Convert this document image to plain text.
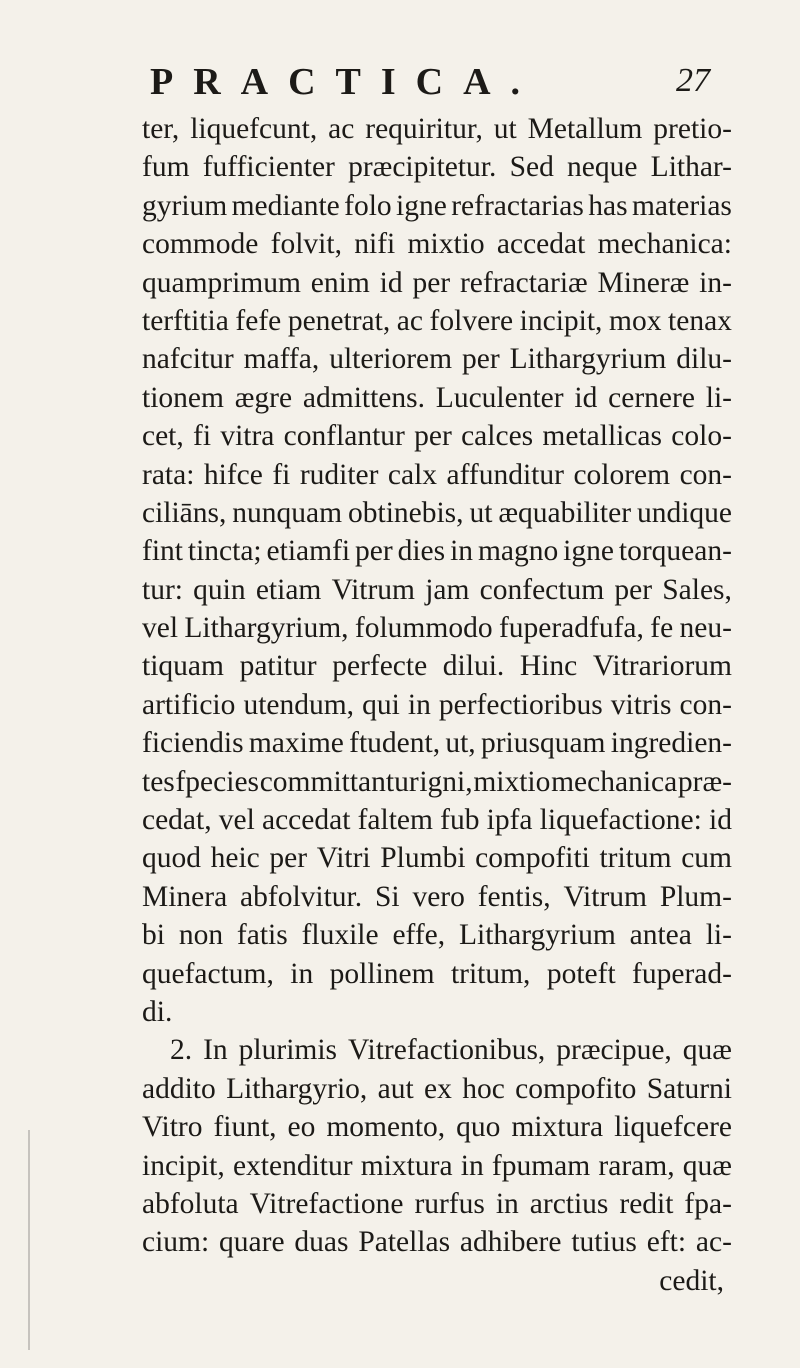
PRACTICA.	27
ter, liquefcunt, ac requiritur, ut Metallum pretio-
fum fufficienter præcipitetur. Sed neque Lithar-
gyrium mediante folo igne refractarias has materias
commode folvit, nifi mixtio accedat mechanica:
quamprimum enim id per refractariæ Mineræ in-
terftitia fefe penetrat, ac folvere incipit, mox tenax
nafcitur maffa, ulteriorem per Lithargyrium dilu-
tionem ægre admittens. Luculenter id cernere li-
cet, fi vitra conflantur per calces metallicas colo-
rata: hifce fi ruditer calx affunditur colorem con-
ciliāns, nunquam obtinebis, ut æquabiliter undique
fint tincta; etiamfi per dies in magno igne torquean-
tur: quin etiam Vitrum jam confectum per Sales,
vel Lithargyrium, folummodo fuperadfufa, fe neu-
tiquam patitur perfecte dilui. Hinc Vitrariorum
artificio utendum, qui in perfectioribus vitris con-
ficiendis maxime ftudent, ut, priusquam ingredien-
tes fpecies committantur igni, mixtio mechanica præ-
cedat, vel accedat faltem fub ipfa liquefactione: id
quod heic per Vitri Plumbi compofiti tritum cum
Minera abfolvitur. Si vero fentis, Vitrum Plum-
bi non fatis fluxile effe, Lithargyrium antea li-
quefactum, in pollinem tritum, poteft fuperad-
di.
2. In plurimis Vitrefactionibus, præcipue, quæ
addito Lithargyrio, aut ex hoc compofito Saturni
Vitro fiunt, eo momento, quo mixtura liquefcere
incipit, extenditur mixtura in fpumam raram, quæ
abfoluta Vitrefactione rurfus in arctius redit fpa-
cium: quare duas Patellas adhibere tutius eft: ac-
cedit,
